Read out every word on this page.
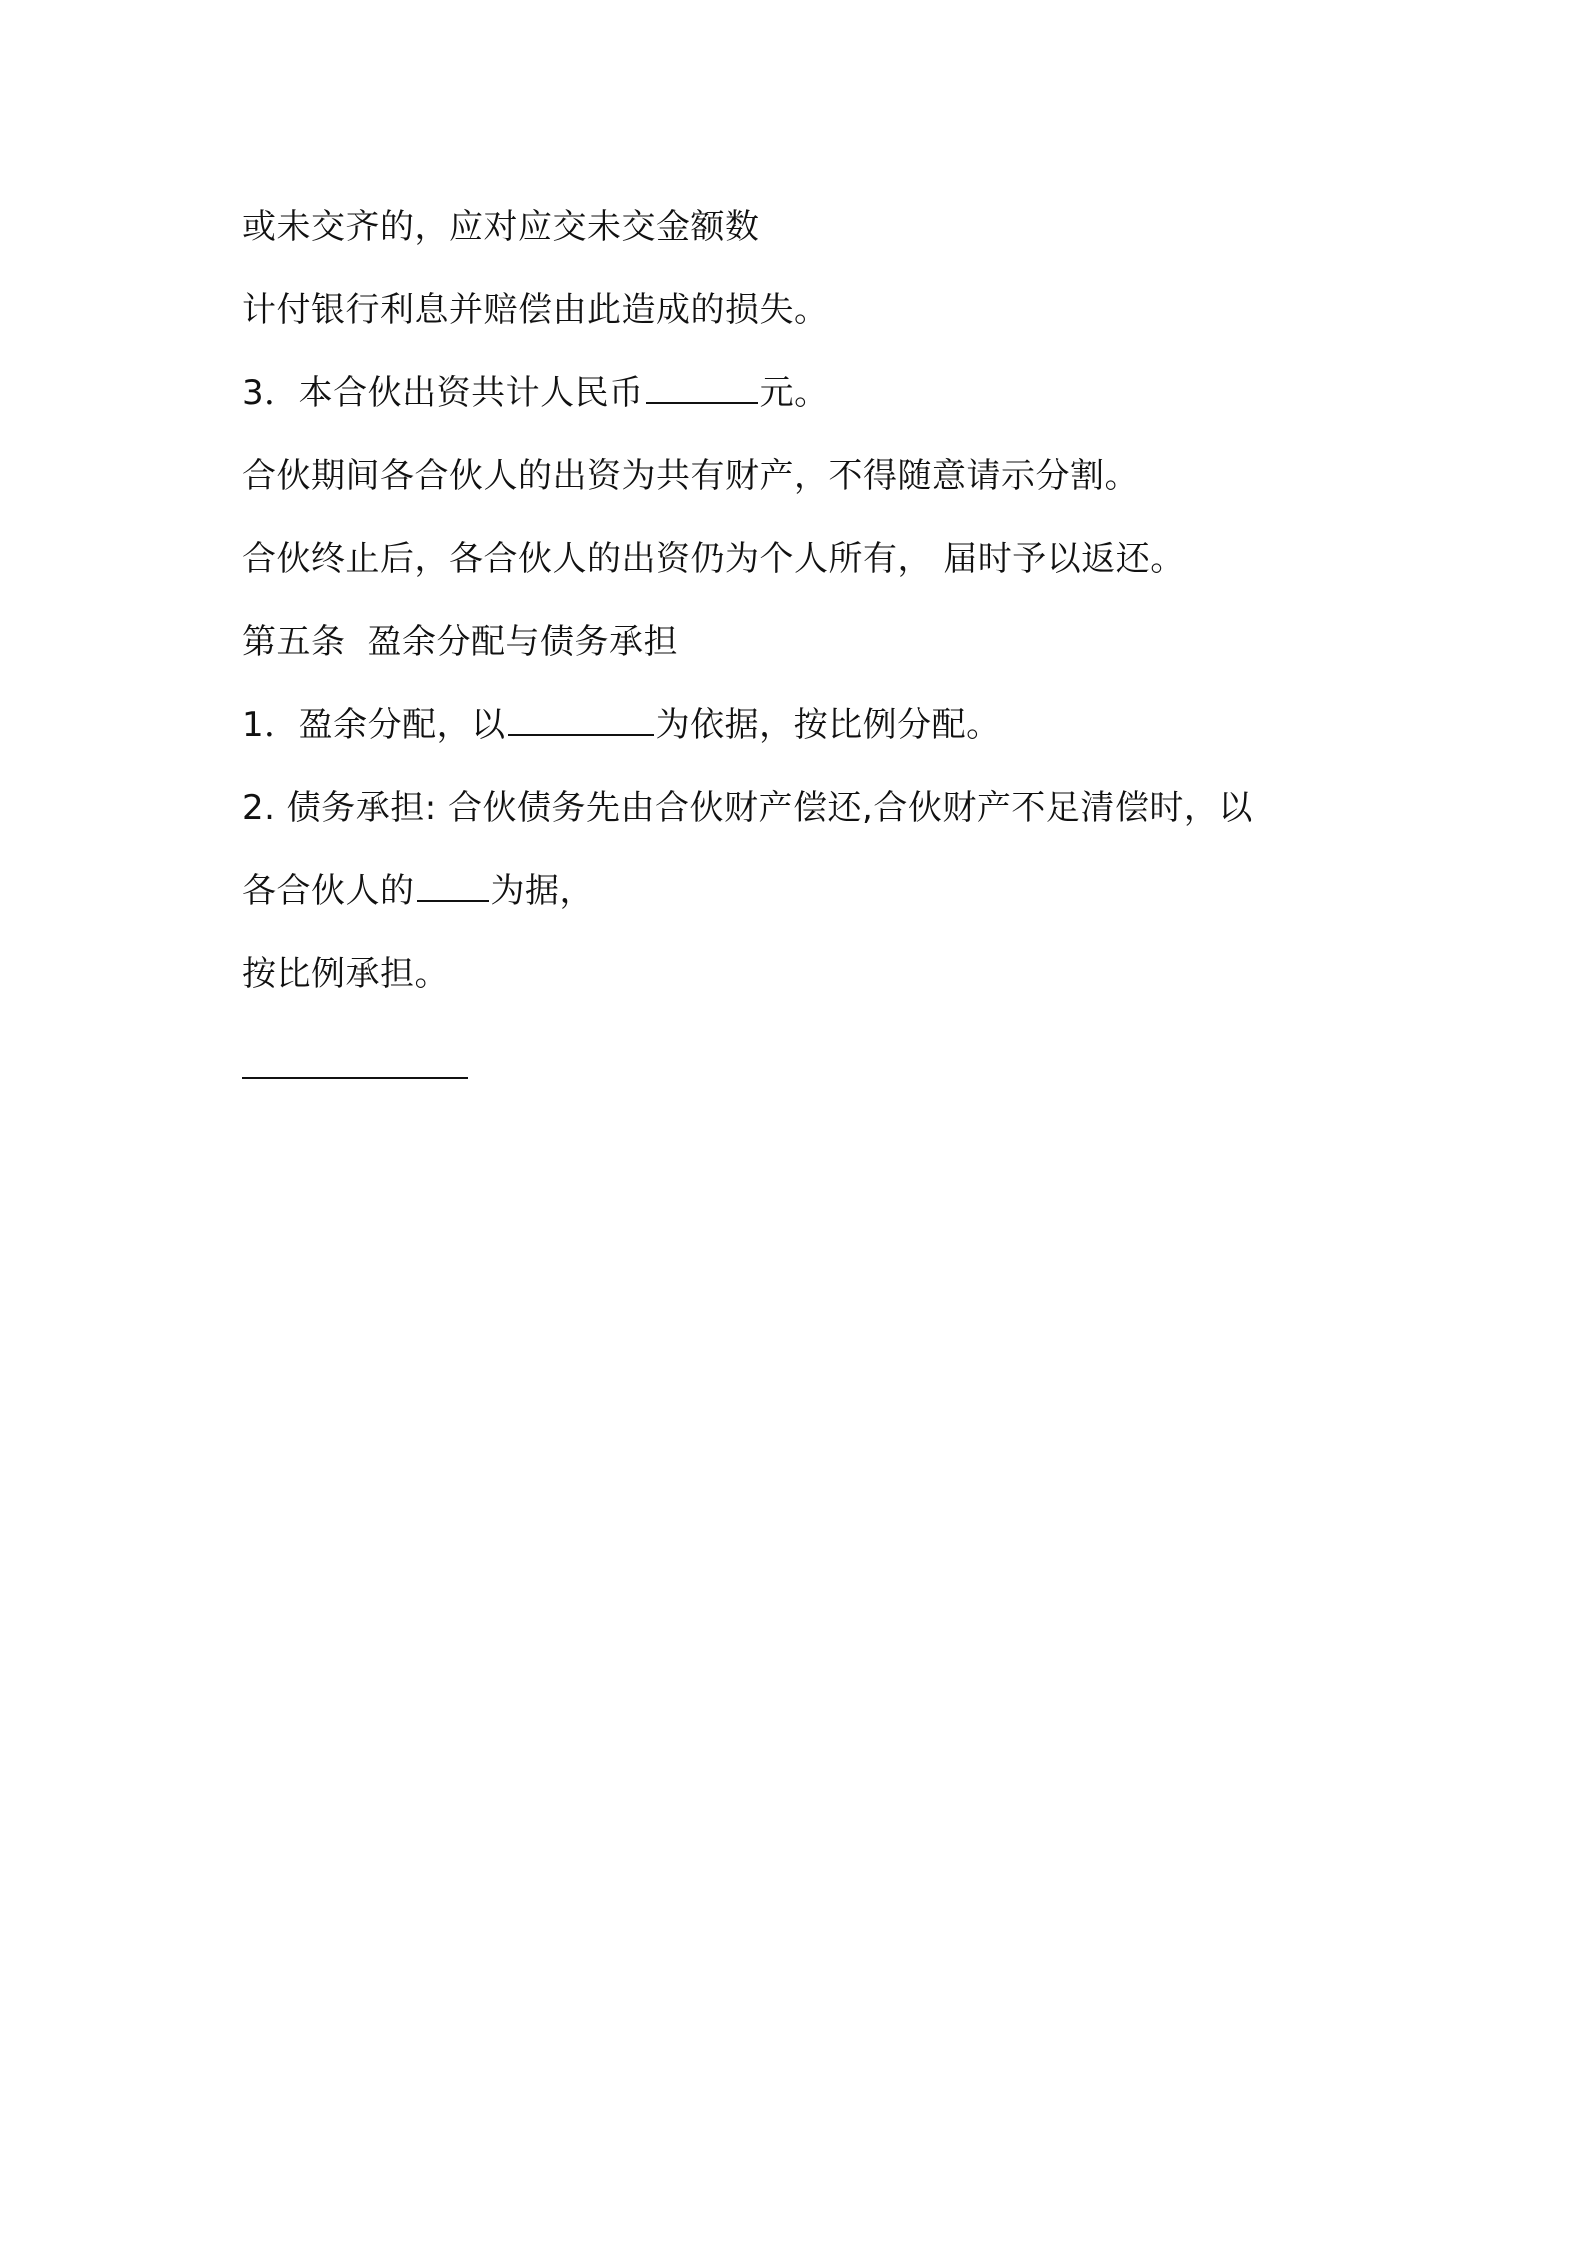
或未交齐的，应对应交未交金额数
计付银行利息并赔偿由此造成的损失。
3．本合伙出资共计人民币	元。
合伙期间各合伙人的出资为共有财产，不得随意请示分割。
合伙终止后，各合伙人的出资仍为个人所有， 届时予以返还。
第五条 盈余分配与债务承担
1．盈余分配，以	为依据，按比例分配。
2. 债务承担: 合伙债务先由合伙财产偿还,合伙财产不足清偿时，以
各合伙人的 为据，
按比例承担。
